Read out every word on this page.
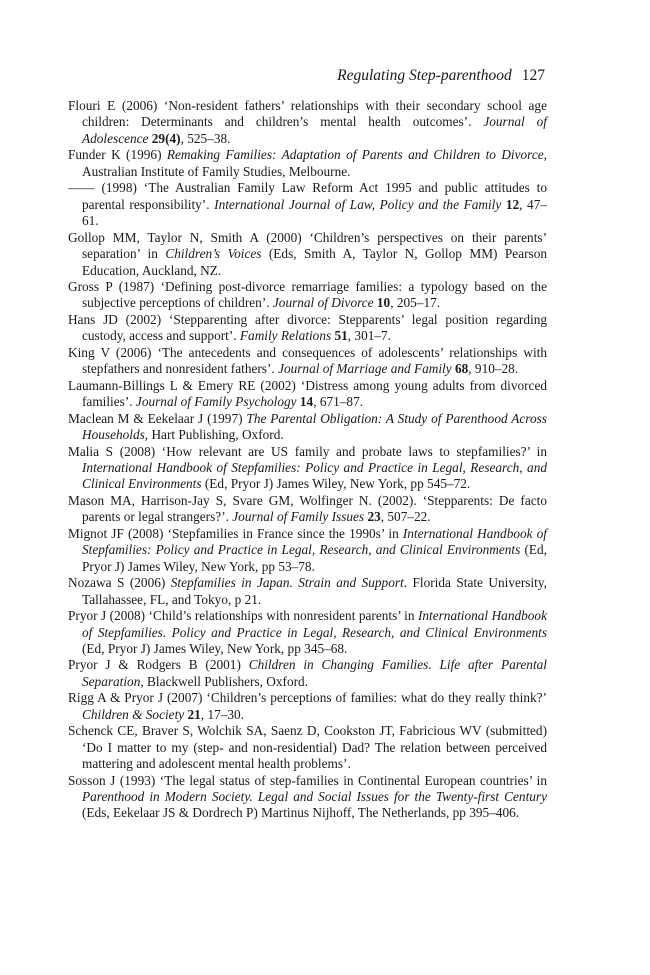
Regulating Step-parenthood 127

Flouri E (2006) ‘Non-resident fathers’ relationships with their secondary school age children: Determinants and children’s mental health outcomes’. Journal of Adolescence 29(4), 525–38.

Funder K (1996) Remaking Families: Adaptation of Parents and Children to Divorce, Australian Institute of Family Studies, Melbourne.

—— (1998) ‘The Australian Family Law Reform Act 1995 and public attitudes to parental responsibility’. International Journal of Law, Policy and the Family 12, 47–61.

Gollop MM, Taylor N, Smith A (2000) ‘Children’s perspectives on their parents’ separation’ in Children’s Voices (Eds, Smith A, Taylor N, Gollop MM) Pearson Education, Auckland, NZ.

Gross P (1987) ‘Defining post-divorce remarriage families: a typology based on the subjective perceptions of children’. Journal of Divorce 10, 205–17.

Hans JD (2002) ‘Stepparenting after divorce: Stepparents’ legal position regarding custody, access and support’. Family Relations 51, 301–7.

King V (2006) ‘The antecedents and consequences of adolescents’ relationships with stepfathers and nonresident fathers’. Journal of Marriage and Family 68, 910–28.

Laumann-Billings L & Emery RE (2002) ‘Distress among young adults from divorced families’. Journal of Family Psychology 14, 671–87.

Maclean M & Eekelaar J (1997) The Parental Obligation: A Study of Parenthood Across Households, Hart Publishing, Oxford.

Malia S (2008) ‘How relevant are US family and probate laws to stepfamilies?’ in International Handbook of Stepfamilies: Policy and Practice in Legal, Research, and Clinical Environments (Ed, Pryor J) James Wiley, New York, pp 545–72.

Mason MA, Harrison-Jay S, Svare GM, Wolfinger N. (2002). ‘Stepparents: De facto parents or legal strangers?’. Journal of Family Issues 23, 507–22.

Mignot JF (2008) ‘Stepfamilies in France since the 1990s’ in International Handbook of Stepfamilies: Policy and Practice in Legal, Research, and Clinical Environments (Ed, Pryor J) James Wiley, New York, pp 53–78.

Nozawa S (2006) Stepfamilies in Japan. Strain and Support. Florida State University, Tallahassee, FL, and Tokyo, p 21.

Pryor J (2008) ‘Child’s relationships with nonresident parents’ in International Handbook of Stepfamilies. Policy and Practice in Legal, Research, and Clinical Environments (Ed, Pryor J) James Wiley, New York, pp 345–68.

Pryor J & Rodgers B (2001) Children in Changing Families. Life after Parental Separation, Blackwell Publishers, Oxford.

Rigg A & Pryor J (2007) ‘Children’s perceptions of families: what do they really think?’ Children & Society 21, 17–30.

Schenck CE, Braver S, Wolchik SA, Saenz D, Cookston JT, Fabricious WV (submitted) ‘Do I matter to my (step- and non-residential) Dad? The relation between perceived mattering and adolescent mental health problems’.

Sosson J (1993) ‘The legal status of step-families in Continental European countries’ in Parenthood in Modern Society. Legal and Social Issues for the Twenty-first Century (Eds, Eekelaar JS & Dordrech P) Martinus Nijhoff, The Netherlands, pp 395–406.
